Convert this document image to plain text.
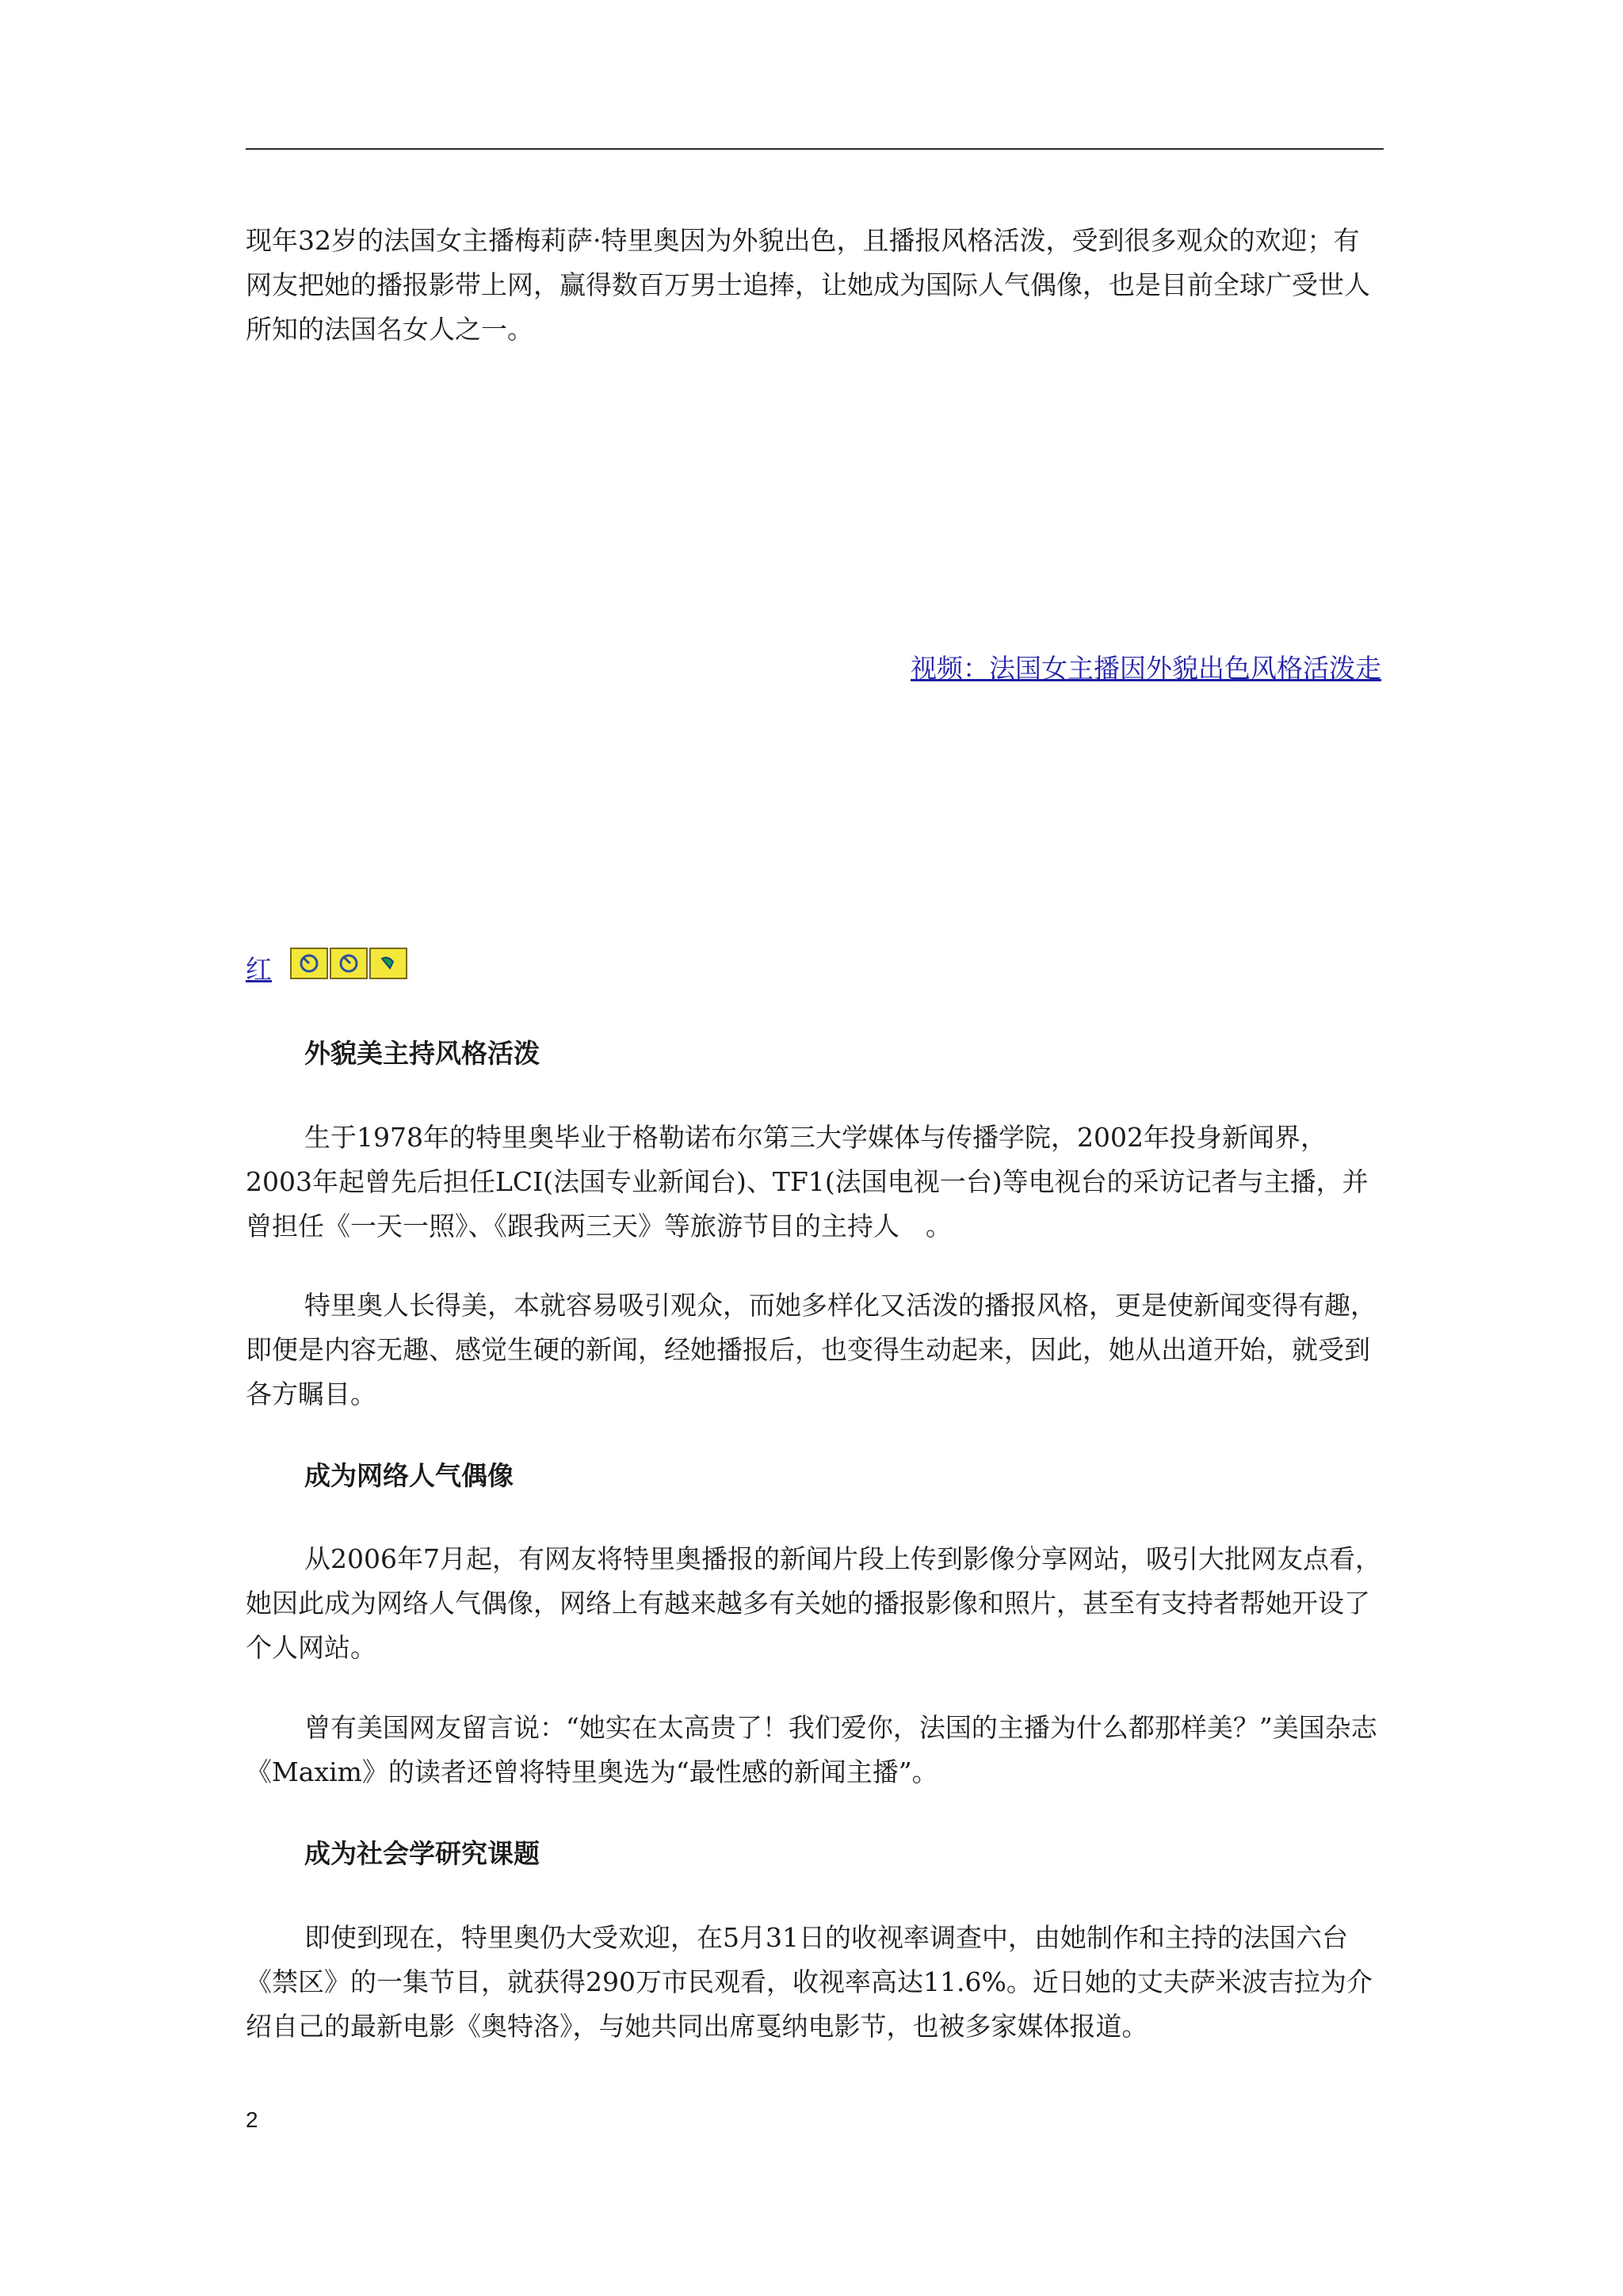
现年32岁的法国女主播梅莉萨·特里奥因为外貌出色，且播报风格活泼，受到很多观众的欢迎；有网友把她的播报影带上网，赢得数百万男士追捧，让她成为国际人气偶像，也是目前全球广受世人所知的法国名女人之一。

视频：法国女主播因外貌出色风格活泼走
红

外貌美主持风格活泼

生于1978年的特里奥毕业于格勒诺布尔第三大学媒体与传播学院，2002年投身新闻界，2003年起曾先后担任LCI(法国专业新闻台)、TF1(法国电视一台)等电视台的采访记者与主播，并曾担任《一天一照》、《跟我两三天》等旅游节目的主持人　。

特里奥人长得美，本就容易吸引观众，而她多样化又活泼的播报风格，更是使新闻变得有趣，即便是内容无趣、感觉生硬的新闻，经她播报后，也变得生动起来，因此，她从出道开始，就受到各方瞩目。

成为网络人气偶像

从2006年7月起，有网友将特里奥播报的新闻片段上传到影像分享网站，吸引大批网友点看，她因此成为网络人气偶像，网络上有越来越多有关她的播报影像和照片，甚至有支持者帮她开设了个人网站。

曾有美国网友留言说：“她实在太高贵了！我们爱你，法国的主播为什么都那样美？”美国杂志《Maxim》的读者还曾将特里奥选为“最性感的新闻主播”。

成为社会学研究课题

即使到现在，特里奥仍大受欢迎，在5月31日的收视率调查中，由她制作和主持的法国六台《禁区》的一集节目，就获得290万市民观看，收视率高达11.6%。近日她的丈夫萨米波吉拉为介绍自己的最新电影《奥特洛》，与她共同出席戛纳电影节，也被多家媒体报道。

2
